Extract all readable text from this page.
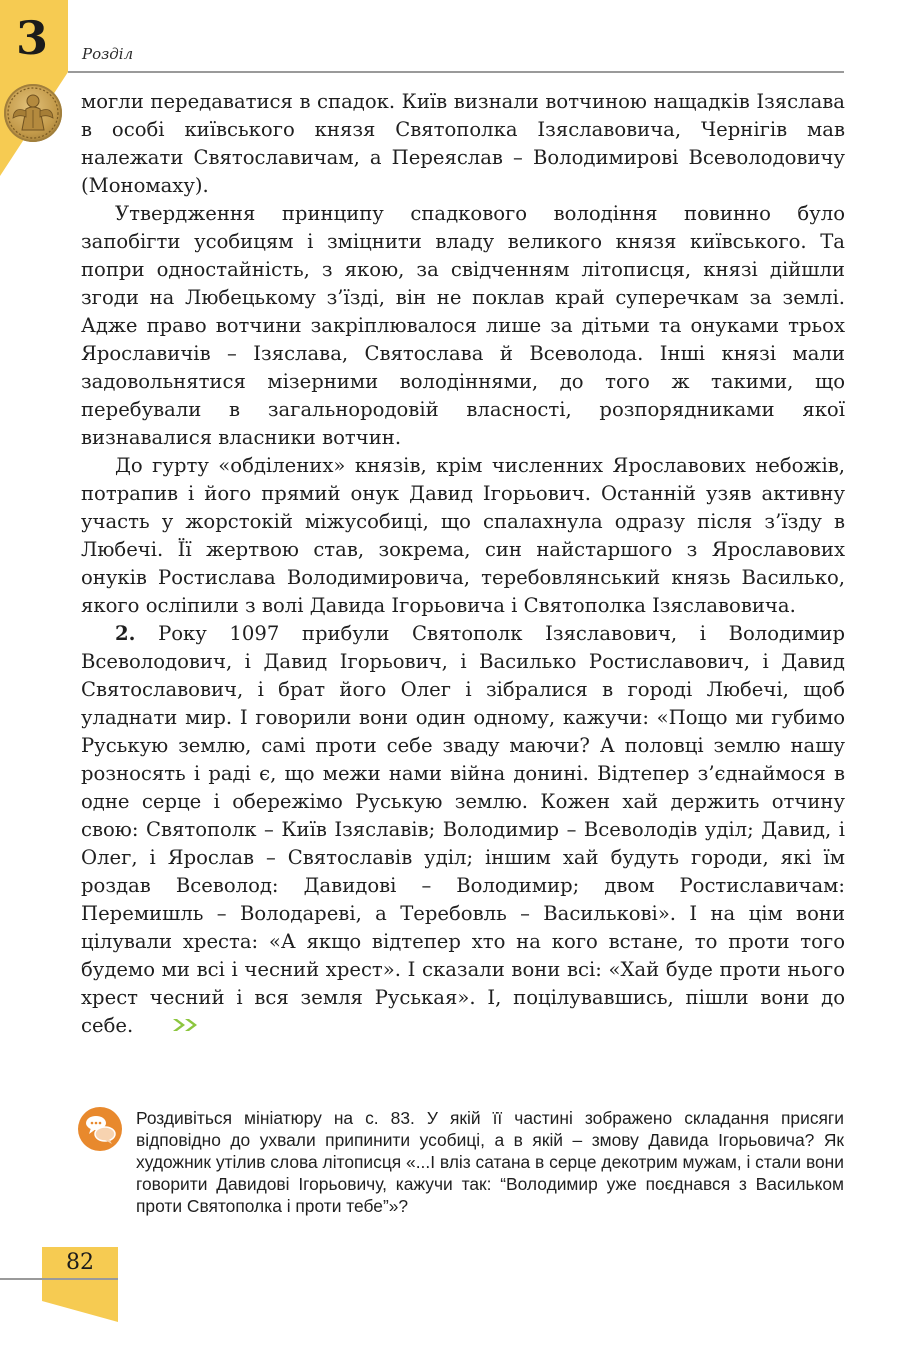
3	Розділ

могли передаватися в спадок. Київ визнали вотчиною нащадків Ізяслава в особі київського князя Святополка Ізяславовича, Чернігів мав належати Святославичам, а Переяслав – Володимирові Всеволодовичу (Мономаху).

Утвердження принципу спадкового володіння повинно було запобігти усобицям і зміцнити владу великого князя київського. Та попри одностайність, з якою, за свідченням літописця, князі дійшли згоди на Любецькому з’їзді, він не поклав край суперечкам за землі. Адже право вотчини закріплювалося лише за дітьми та онуками трьох Ярославичів – Ізяслава, Святослава й Всеволода. Інші князі мали задовольнятися мізерними володіннями, до того ж такими, що перебували в загальнородовій власності, розпорядниками якої визнавалися власники вотчин.

До гурту «обділених» князів, крім численних Ярославових небожів, потрапив і його прямий онук Давид Ігорьович. Останній узяв активну участь у жорстокій міжусобиці, що спалахнула одразу після з’їзду в Любечі. Її жертвою став, зокрема, син найстаршого з Ярославових онуків Ростислава Володимировича, теребовлянський князь Василько, якого осліпили з волі Давида Ігорьовича і Святополка Ізяславовича.

2. Року 1097 прибули Святополк Ізяславович, і Володимир Всеволодович, і Давид Ігорьович, і Василько Ростиславович, і Давид Святославович, і брат його Олег і зібралися в городі Любечі, щоб уладнати мир. І говорили вони один одному, кажучи: «Пощо ми губимо Руськую землю, самі проти себе зваду маючи? А половці землю нашу розносять і раді є, що межи нами війна донині. Відтепер з’єднаймося в одне серце і обережімо Руськую землю. Кожен хай держить отчину свою: Святополк – Київ Ізяславів; Володимир – Всеволодів уділ; Давид, і Олег, і Ярослав – Святославів уділ; іншим хай будуть городи, які їм роздав Всеволод: Давидові – Володимир; двом Ростиславичам: Перемишль – Володареві, а Теребовль – Василькові». І на цім вони цілували хреста: «А якщо відтепер хто на кого встане, то проти того будемо ми всі і чесний хрест». І сказали вони всі: «Хай буде проти нього хрест чесний і вся земля Руськая». І, поцілувавшись, пішли вони до себе.

Роздивіться мініатюру на с. 83. У якій її частині зображено складання присяги відповідно до ухвали припинити усобиці, а в якій – змову Давида Ігорьовича? Як художник утілив слова літописця «...І вліз сатана в серце декотрим мужам, і стали вони говорити Давидові Ігорьовичу, кажучи так: “Володимир уже поєднався з Васильком проти Святополка і проти тебе”»?
82
